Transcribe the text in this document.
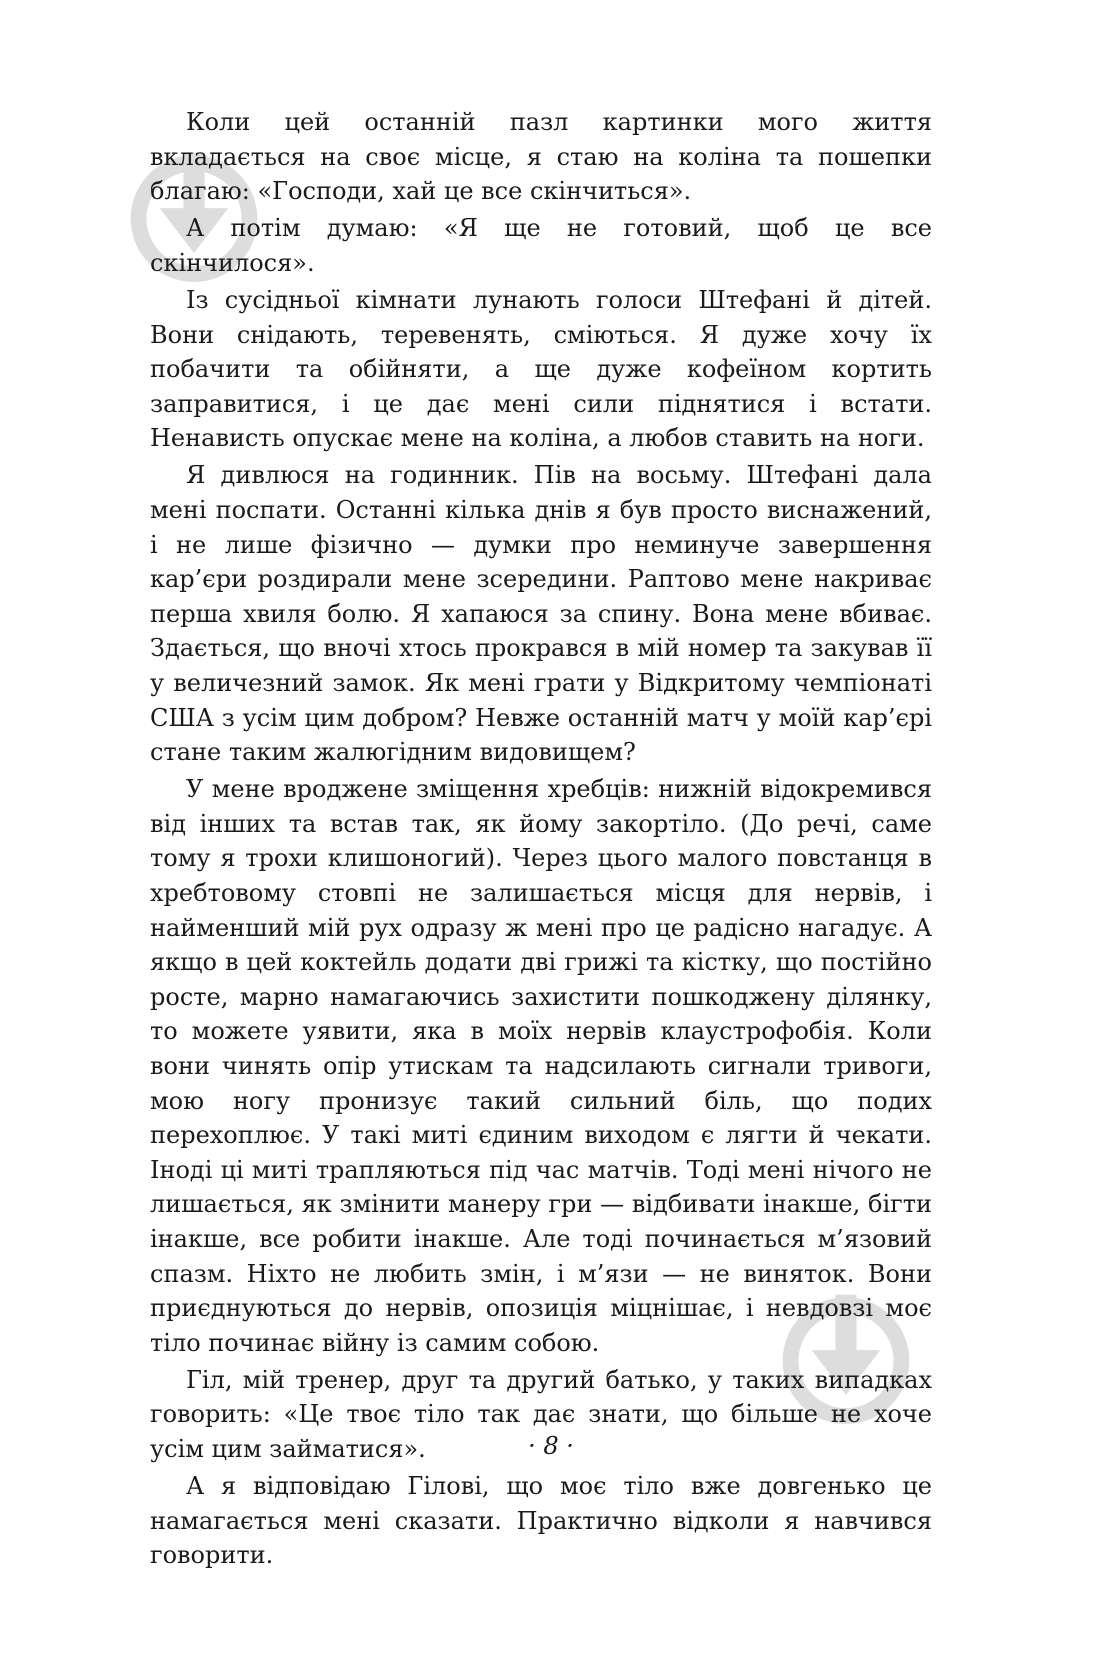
Коли цей останній пазл картинки мого життя вкладається на своє місце, я стаю на коліна та пошепки благаю: «Господи, хай це все скінчиться».

А потім думаю: «Я ще не готовий, щоб це все скінчилося».

Із сусідньої кімнати лунають голоси Штефані й дітей. Вони снідають, теревенять, сміються. Я дуже хочу їх побачити та обійняти, а ще дуже кофеїном кортить заправитися, і це дає мені сили піднятися і встати. Ненависть опускає мене на коліна, а любов ставить на ноги.

Я дивлюся на годинник. Пів на восьму. Штефані дала мені поспати. Останні кілька днів я був просто виснажений, і не лише фізично — думки про неминуче завершення кар’єри роздирали мене зсередини. Раптово мене накриває перша хвиля болю. Я хапаюся за спину. Вона мене вбиває. Здається, що вночі хтось прокрався в мій номер та закував її у величезний замок. Як мені грати у Відкритому чемпіонаті США з усім цим добром? Невже останній матч у моїй кар’єрі стане таким жалюгідним видовищем?

У мене вроджене зміщення хребців: нижній відокремився від інших та встав так, як йому закортіло. (До речі, саме тому я трохи клишоногий). Через цього малого повстанця в хребтовому стовпі не залишається місця для нервів, і найменший мій рух одразу ж мені про це радісно нагадує. А якщо в цей коктейль додати дві грижі та кістку, що постійно росте, марно намагаючись захистити пошкоджену ділянку, то можете уявити, яка в моїх нервів клаустрофобія. Коли вони чинять опір утискам та надсилають сигнали тривоги, мою ногу пронизує такий сильний біль, що подих перехоплює. У такі миті єдиним виходом є лягти й чекати. Іноді ці миті трапляються під час матчів. Тоді мені нічого не лишається, як змінити манеру гри — відбивати інакше, бігти інакше, все робити інакше. Але тоді починається м’язовий спазм. Ніхто не любить змін, і м’язи — не виняток. Вони приєднуються до нервів, опозиція міцнішає, і невдовзі моє тіло починає війну із самим собою.

Гіл, мій тренер, друг та другий батько, у таких випадках говорить: «Це твоє тіло так дає знати, що більше не хоче усім цим займатися».

А я відповідаю Гілові, що моє тіло вже довгенько це намагається мені сказати. Практично відколи я навчився говорити.

· 8 ·
